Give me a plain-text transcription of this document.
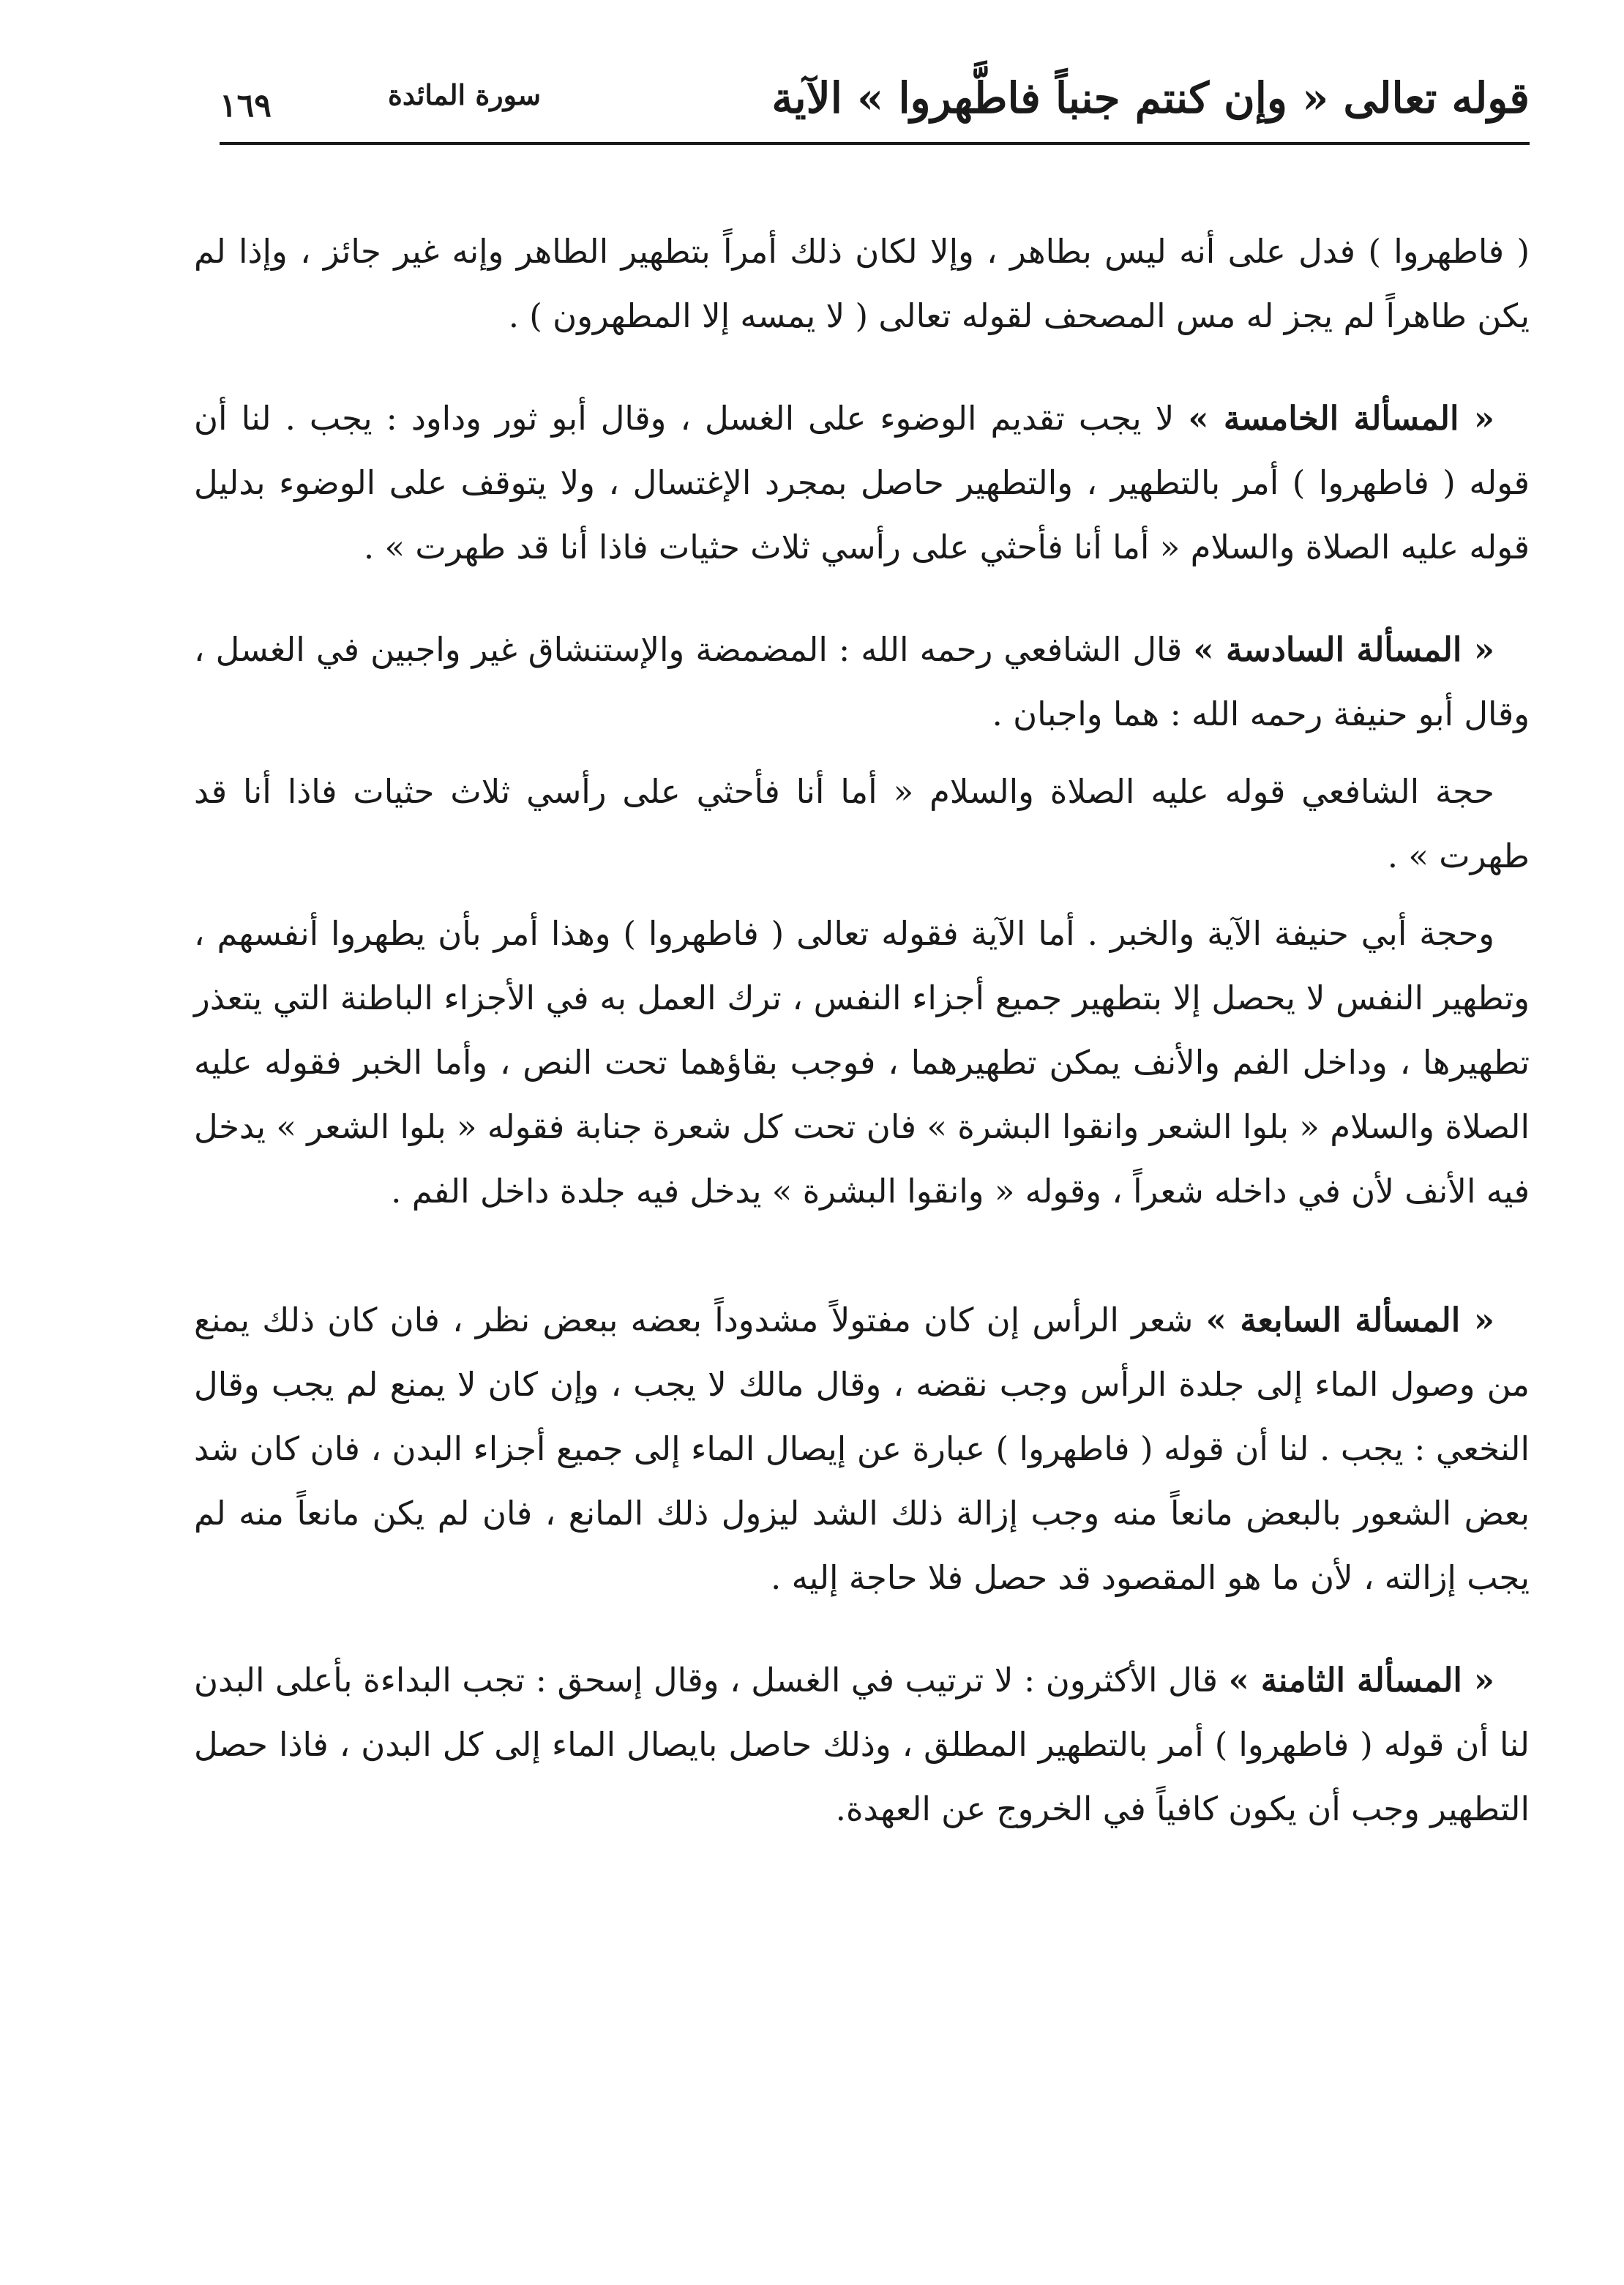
قوله تعالى « وإن كنتم جنباً فاطَّهروا » الآية
سورة المائدة
١٦٩

( فاطهروا ) فدل على أنه ليس بطاهر ، وإلا لكان ذلك أمراً بتطهير الطاهر وإنه غير جائز ، وإذا لم يكن طاهراً لم يجز له مس المصحف لقوله تعالى ( لا يمسه إلا المطهرون ) .

« المسألة الخامسة » لا يجب تقديم الوضوء على الغسل ، وقال أبو ثور وداود : يجب . لنا أن قوله ( فاطهروا ) أمر بالتطهير ، والتطهير حاصل بمجرد الإغتسال ، ولا يتوقف على الوضوء بدليل قوله عليه الصلاة والسلام « أما أنا فأحثي على رأسي ثلاث حثيات فاذا أنا قد طهرت » .

« المسألة السادسة » قال الشافعي رحمه الله : المضمضة والإستنشاق غير واجبين في الغسل ، وقال أبو حنيفة رحمه الله : هما واجبان .

حجة الشافعي قوله عليه الصلاة والسلام « أما أنا فأحثي على رأسي ثلاث حثيات فاذا أنا قد طهرت » .

وحجة أبي حنيفة الآية والخبر . أما الآية فقوله تعالى ( فاطهروا ) وهذا أمر بأن يطهروا أنفسهم ، وتطهير النفس لا يحصل إلا بتطهير جميع أجزاء النفس ، ترك العمل به في الأجزاء الباطنة التي يتعذر تطهيرها ، وداخل الفم والأنف يمكن تطهيرهما ، فوجب بقاؤهما تحت النص ، وأما الخبر فقوله عليه الصلاة والسلام « بلوا الشعر وانقوا البشرة » فان تحت كل شعرة جنابة فقوله « بلوا الشعر » يدخل فيه الأنف لأن في داخله شعراً ، وقوله « وانقوا البشرة » يدخل فيه جلدة داخل الفم .

« المسألة السابعة » شعر الرأس إن كان مفتولاً مشدوداً بعضه ببعض نظر ، فان كان ذلك يمنع من وصول الماء إلى جلدة الرأس وجب نقضه ، وقال مالك لا يجب ، وإن كان لا يمنع لم يجب وقال النخعي : يجب . لنا أن قوله ( فاطهروا ) عبارة عن إيصال الماء إلى جميع أجزاء البدن ، فان كان شد بعض الشعور بالبعض مانعاً منه وجب إزالة ذلك الشد ليزول ذلك المانع ، فان لم يكن مانعاً منه لم يجب إزالته ، لأن ما هو المقصود قد حصل فلا حاجة إليه .

« المسألة الثامنة » قال الأكثرون : لا ترتيب في الغسل ، وقال إسحق : تجب البداءة بأعلى البدن لنا أن قوله ( فاطهروا ) أمر بالتطهير المطلق ، وذلك حاصل بايصال الماء إلى كل البدن ، فاذا حصل التطهير وجب أن يكون كافياً في الخروج عن العهدة.
